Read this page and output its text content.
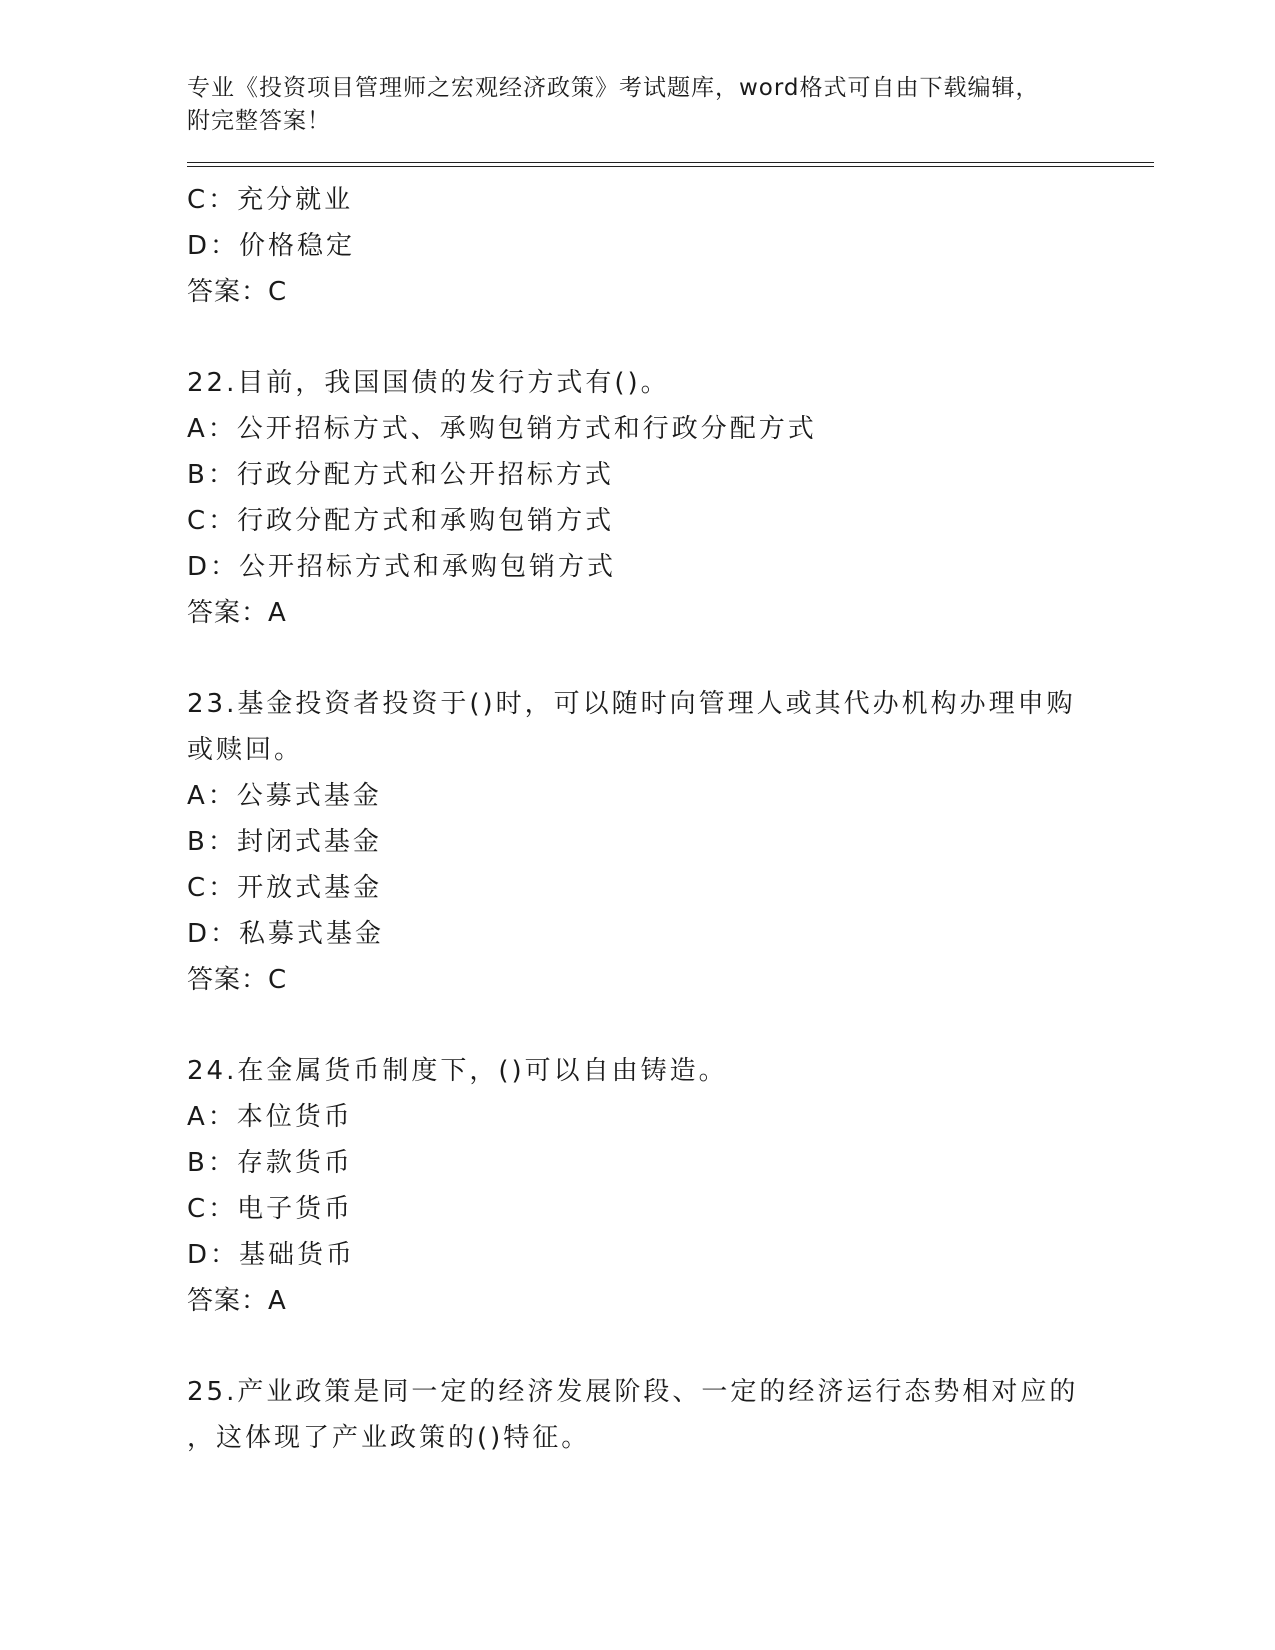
专业《投资项目管理师之宏观经济政策》考试题库，word格式可自由下载编辑，
附完整答案！

C：充分就业
D：价格稳定
答案：C
22.目前，我国国债的发行方式有()。
A：公开招标方式、承购包销方式和行政分配方式
B：行政分配方式和公开招标方式
C：行政分配方式和承购包销方式
D：公开招标方式和承购包销方式
答案：A
23.基金投资者投资于()时，可以随时向管理人或其代办机构办理申购
或赎回。
A：公募式基金
B：封闭式基金
C：开放式基金
D：私募式基金
答案：C
24.在金属货币制度下，()可以自由铸造。
A：本位货币
B：存款货币
C：电子货币
D：基础货币
答案：A
25.产业政策是同一定的经济发展阶段、一定的经济运行态势相对应的
，这体现了产业政策的()特征。
